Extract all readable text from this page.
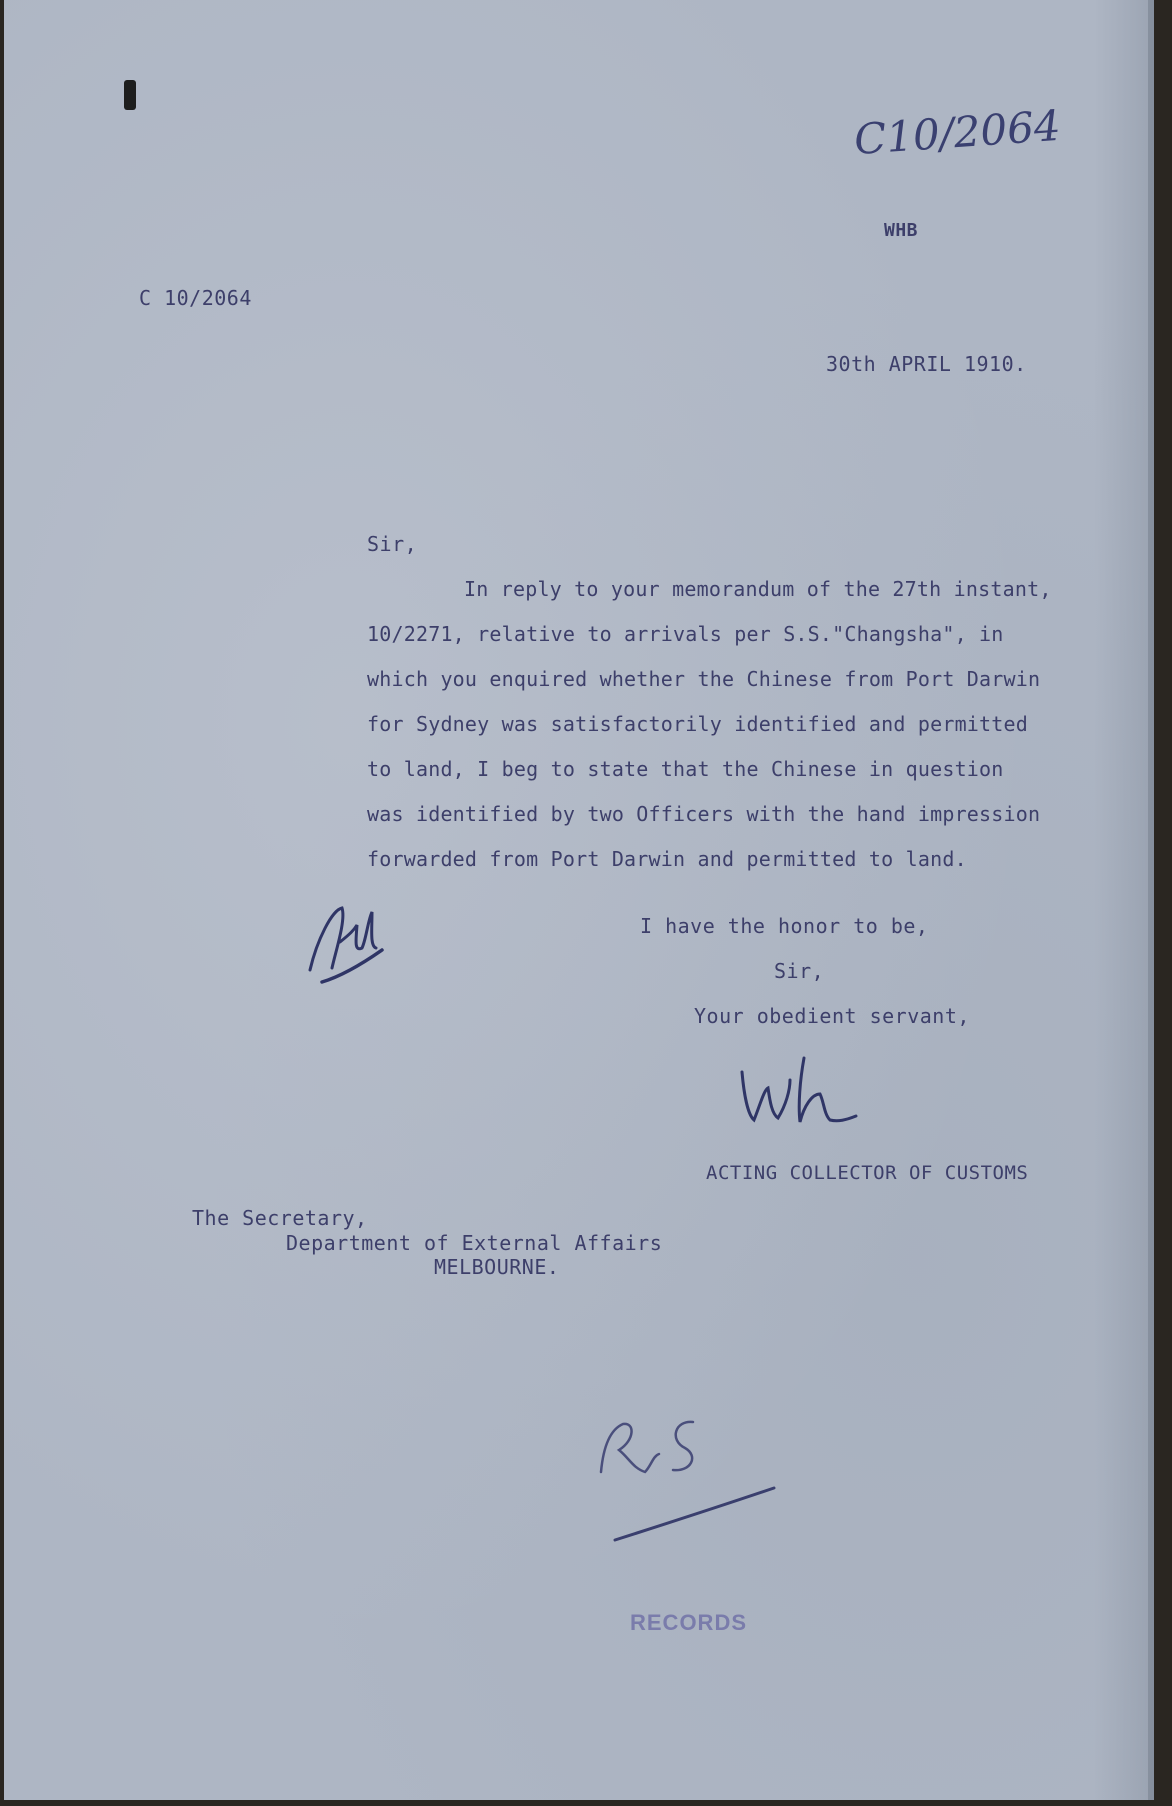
C10/2064
WHB
C 10/2064
30th APRIL 1910.
Sir,
In reply to your memorandum of the 27th instant,
10/2271, relative to arrivals per S.S."Changsha", in
which you enquired whether the Chinese from Port Darwin
for Sydney was satisfactorily identified and permitted
to land, I beg to state that the Chinese in question
was identified by two Officers with the hand impression
forwarded from Port Darwin and permitted to land.
I have the honor to be,
Sir,
Your obedient servant,
ACTING COLLECTOR OF CUSTOMS
The Secretary,
Department of External Affairs
MELBOURNE.
RECORDS
